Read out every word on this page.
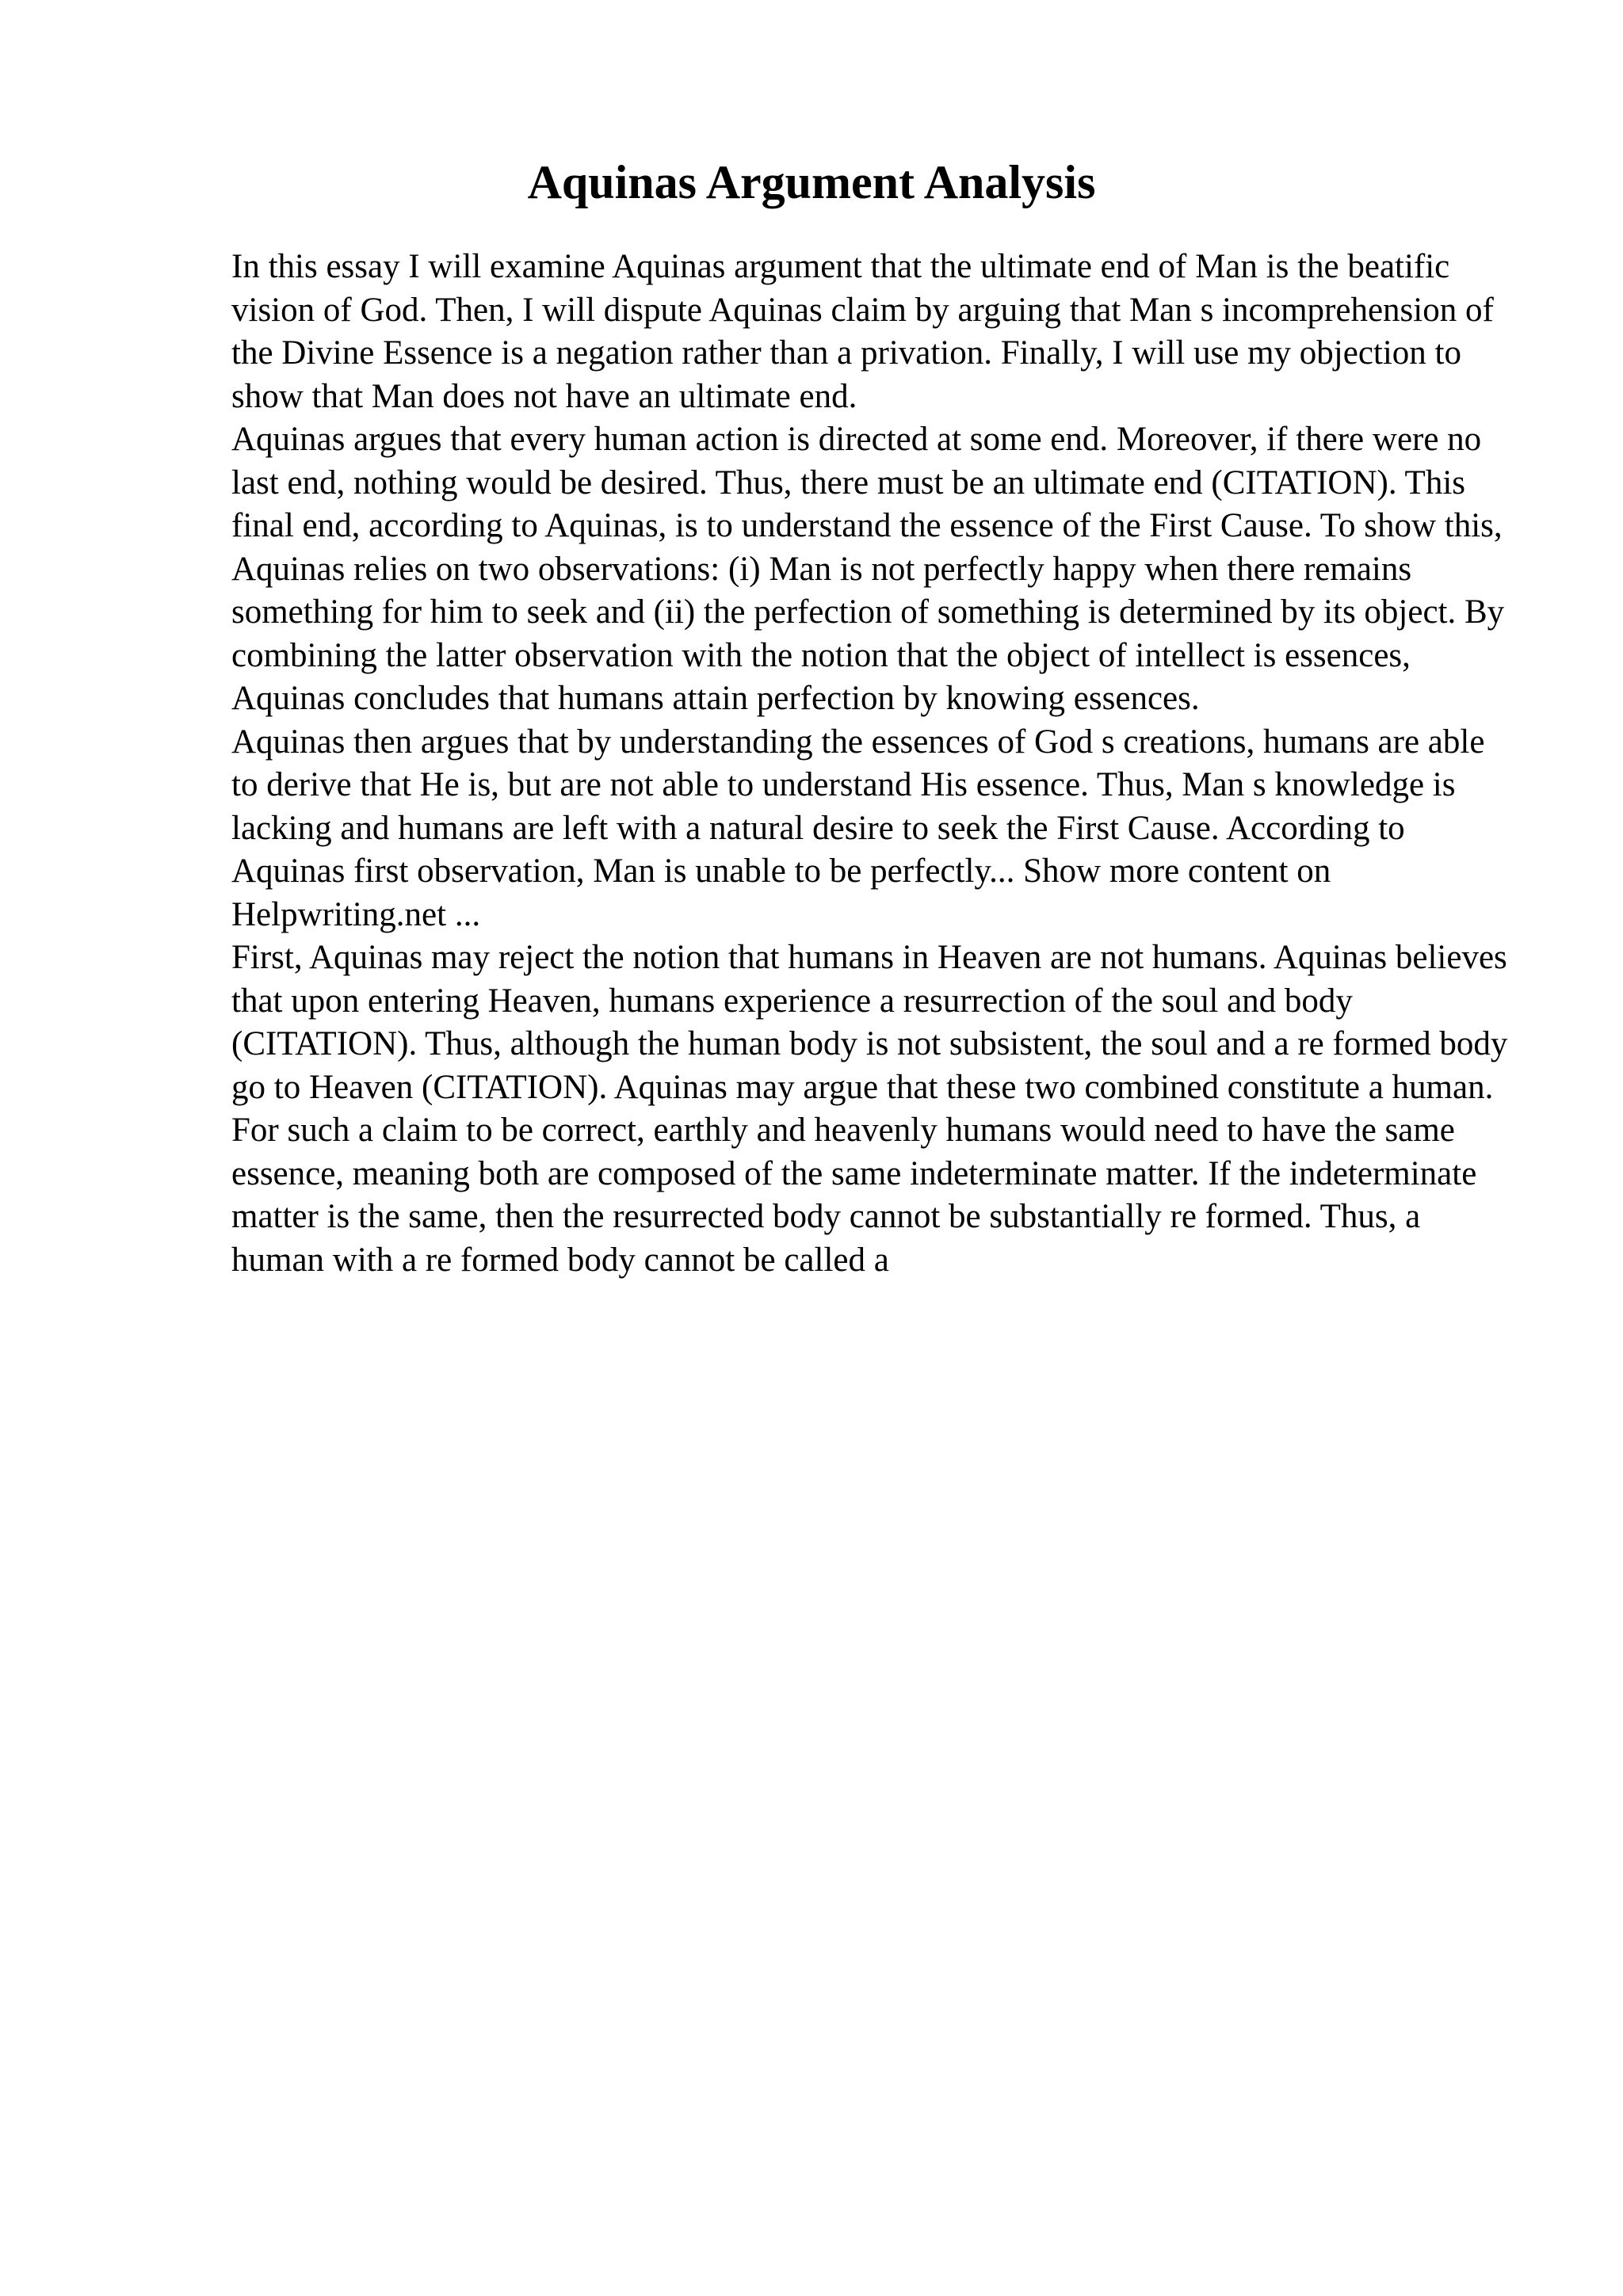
Aquinas Argument Analysis

In this essay I will examine Aquinas argument that the ultimate end of Man is the beatific vision of God. Then, I will dispute Aquinas claim by arguing that Man s incomprehension of the Divine Essence is a negation rather than a privation. Finally, I will use my objection to show that Man does not have an ultimate end.

Aquinas argues that every human action is directed at some end. Moreover, if there were no last end, nothing would be desired. Thus, there must be an ultimate end (CITATION). This final end, according to Aquinas, is to understand the essence of the First Cause. To show this, Aquinas relies on two observations: (i) Man is not perfectly happy when there remains something for him to seek and (ii) the perfection of something is determined by its object. By combining the latter observation with the notion that the object of intellect is essences, Aquinas concludes that humans attain perfection by knowing essences.

Aquinas then argues that by understanding the essences of God s creations, humans are able to derive that He is, but are not able to understand His essence. Thus, Man s knowledge is lacking and humans are left with a natural desire to seek the First Cause. According to Aquinas first observation, Man is unable to be perfectly... Show more content on Helpwriting.net ...

First, Aquinas may reject the notion that humans in Heaven are not humans. Aquinas believes that upon entering Heaven, humans experience a resurrection of the soul and body (CITATION). Thus, although the human body is not subsistent, the soul and a re formed body go to Heaven (CITATION). Aquinas may argue that these two combined constitute a human. For such a claim to be correct, earthly and heavenly humans would need to have the same essence, meaning both are composed of the same indeterminate matter. If the indeterminate matter is the same, then the resurrected body cannot be substantially re formed. Thus, a human with a re formed body cannot be called a
